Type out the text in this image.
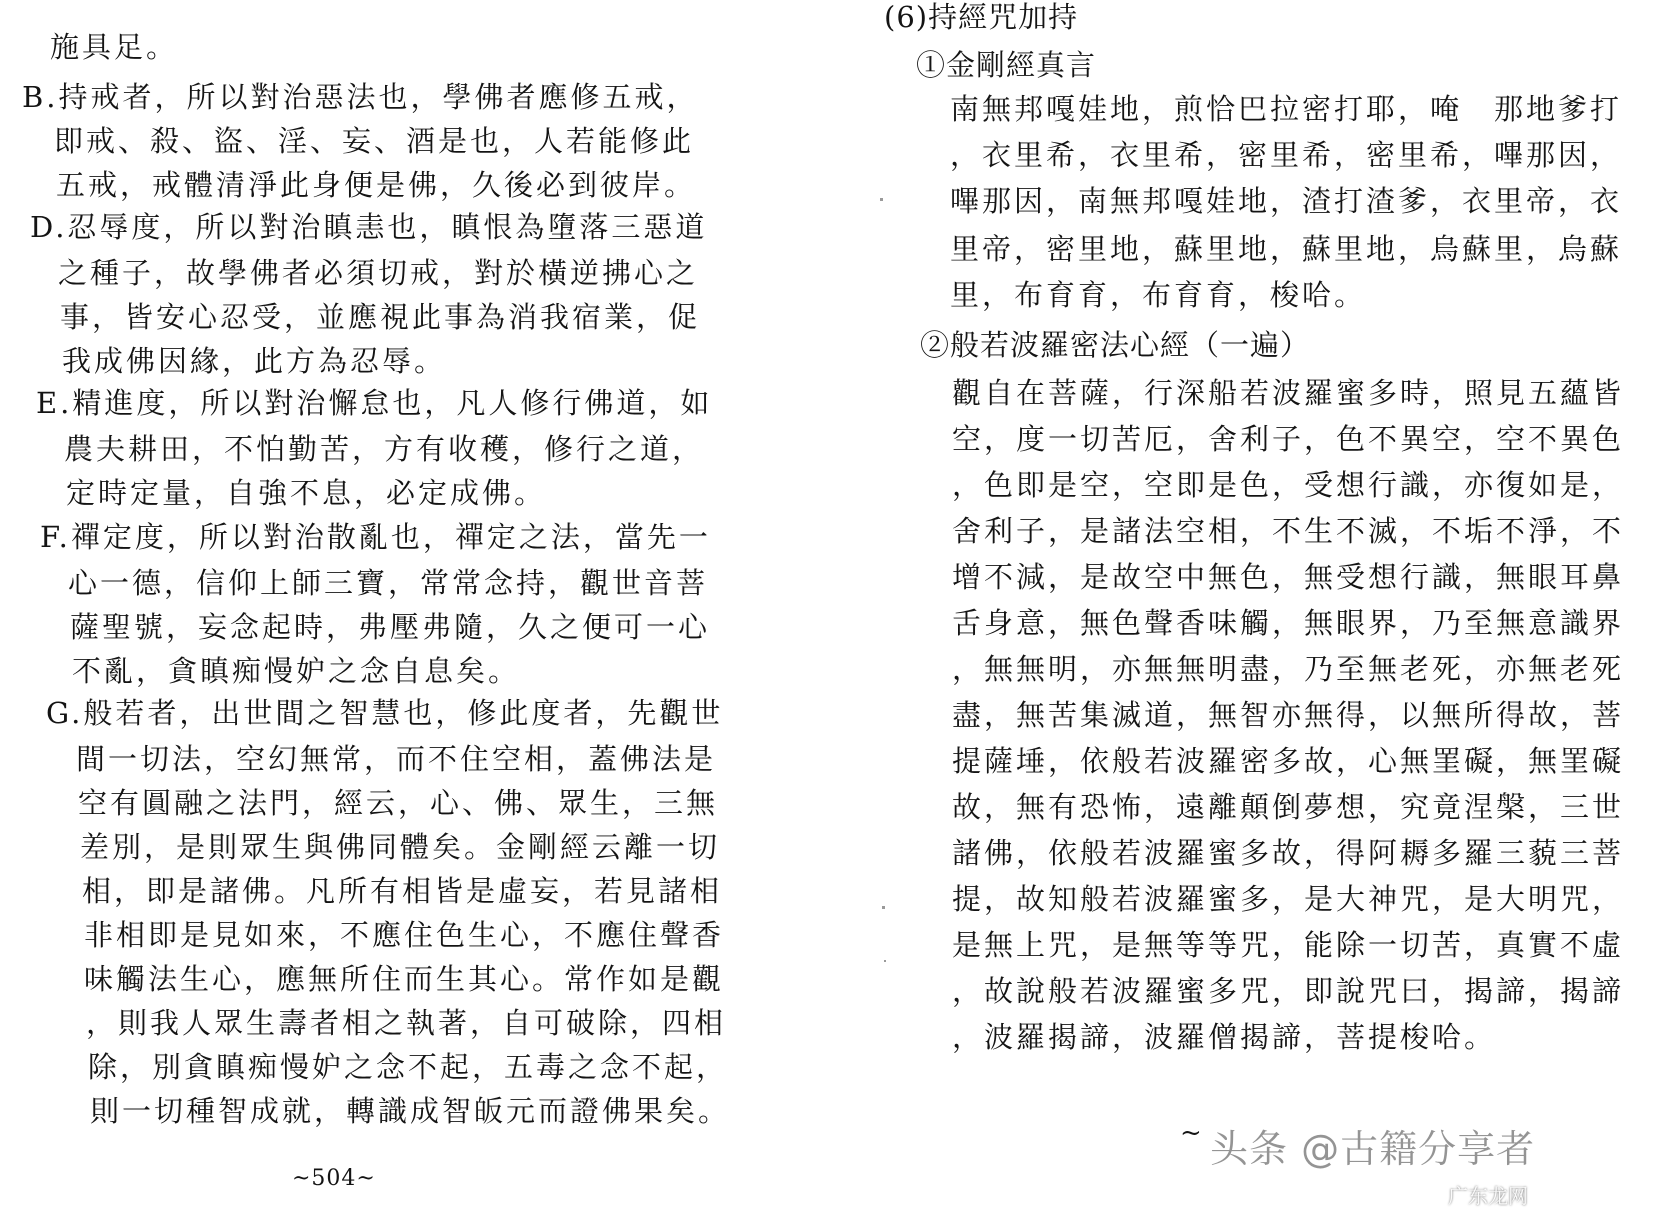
施具足。
B.持戒者，所以對治惡法也，學佛者應修五戒，
即戒、殺、盜、淫、妄、酒是也，人若能修此
五戒，戒體清淨此身便是佛，久後必到彼岸。
D.忍辱度，所以對治瞋恚也，瞋恨為墮落三惡道
之種子，故學佛者必須切戒，對於橫逆拂心之
事，皆安心忍受，並應視此事為消我宿業，促
我成佛因緣，此方為忍辱。
E.精進度，所以對治懈怠也，凡人修行佛道，如
農夫耕田，不怕勤苦，方有收穫，修行之道，
定時定量，自強不息，必定成佛。
F.禪定度，所以對治散亂也，禪定之法，當先一
心一德，信仰上師三寶，常常念持，觀世音菩
薩聖號，妄念起時，弗壓弗隨，久之便可一心
不亂，貪瞋痴慢妒之念自息矣。
G.般若者，出世間之智慧也，修此度者，先觀世
間一切法，空幻無常，而不住空相，蓋佛法是
空有圓融之法門，經云，心、佛、眾生，三無
差別，是則眾生與佛同體矣。金剛經云離一切
相，即是諸佛。凡所有相皆是虛妄，若見諸相
非相即是見如來，不應住色生心，不應住聲香
味觸法生心，應無所住而生其心。常作如是觀
，則我人眾生壽者相之執著，自可破除，四相
除，別貪瞋痴慢妒之念不起，五毒之念不起，
則一切種智成就，轉識成智皈元而證佛果矣。
~504~
(6)持經咒加持
①金剛經真言
南無邦嘎娃地，煎恰巴拉密打耶，唵　那地爹打
，衣里希，衣里希，密里希，密里希，嗶那因，
嗶那因，南無邦嘎娃地，渣打渣爹，衣里帝，衣
里帝，密里地，蘇里地，蘇里地，烏蘇里，烏蘇
里，布育育，布育育，梭哈。
②般若波羅密法心經（一遍）
觀自在菩薩，行深船若波羅蜜多時，照見五蘊皆
空，度一切苦厄，舍利子，色不異空，空不異色
，色即是空，空即是色，受想行識，亦復如是，
舍利子，是諸法空相，不生不滅，不垢不淨，不
增不減，是故空中無色，無受想行識，無眼耳鼻
舌身意，無色聲香味觸，無眼界，乃至無意識界
，無無明，亦無無明盡，乃至無老死，亦無老死
盡，無苦集滅道，無智亦無得，以無所得故，菩
提薩埵，依般若波羅密多故，心無罣礙，無罣礙
故，無有恐怖，遠離顛倒夢想，究竟涅槃，三世
諸佛，依般若波羅蜜多故，得阿耨多羅三藐三菩
提，故知般若波羅蜜多，是大神咒，是大明咒，
是無上咒，是無等等咒，能除一切苦，真實不虛
，故說般若波羅蜜多咒，即說咒曰，揭諦，揭諦
，波羅揭諦，波羅僧揭諦，菩提梭哈。
~ 头条 @古籍分享者
广东龙网
